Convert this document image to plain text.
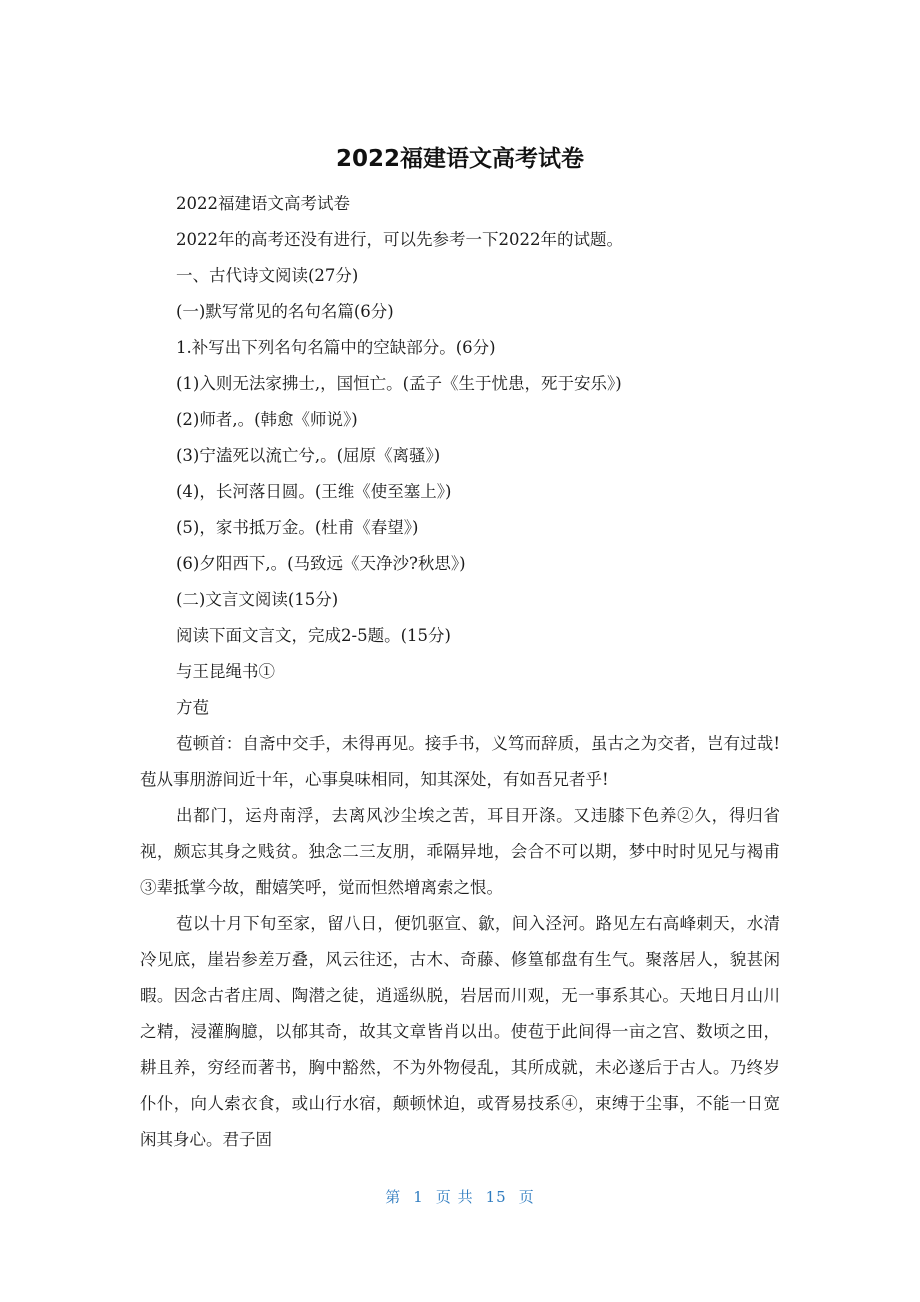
2022福建语文高考试卷

2022福建语文高考试卷

2022年的高考还没有进行，可以先参考一下2022年的试题。

一、古代诗文阅读(27分)

(一)默写常见的名句名篇(6分)

1.补写出下列名句名篇中的空缺部分。(6分)

(1)入则无法家拂士,，国恒亡。(孟子《生于忧患，死于安乐》)

(2)师者,。(韩愈《师说》)

(3)宁溘死以流亡兮,。(屈原《离骚》)

(4)，长河落日圆。(王维《使至塞上》)

(5)，家书抵万金。(杜甫《春望》)

(6)夕阳西下,。(马致远《天净沙?秋思》)

(二)文言文阅读(15分)

阅读下面文言文，完成2-5题。(15分)

与王昆绳书①

方苞

苞顿首：自斋中交手，未得再见。接手书，义笃而辞质，虽古之为交者，岂有过哉!苞从事朋游间近十年，心事臭味相同，知其深处，有如吾兄者乎!

出都门，运舟南浮，去离风沙尘埃之苦，耳目开涤。又违膝下色养②久，得归省视，颇忘其身之贱贫。独念二三友朋，乖隔异地，会合不可以期，梦中时时见兄与褐甫③辈抵掌今故，酣嬉笑呼，觉而怛然增离索之恨。

苞以十月下旬至家，留八日，便饥驱宣、歙，间入泾河。路见左右高峰刺天，水清冷见底，崖岩参差万叠，风云往还，古木、奇藤、修篁郁盘有生气。聚落居人，貌甚闲暇。因念古者庄周、陶潜之徒，逍遥纵脱，岩居而川观，无一事系其心。天地日月山川之精，浸灌胸臆，以郁其奇，故其文章皆肖以出。使苞于此间得一亩之宫、数顷之田，耕且养，穷经而著书，胸中豁然，不为外物侵乱，其所成就，未必遂后于古人。乃终岁仆仆，向人索衣食，或山行水宿，颠顿怵迫，或胥易技系④，束缚于尘事，不能一日宽闲其身心。君子固

第 1 页 共 15 页
